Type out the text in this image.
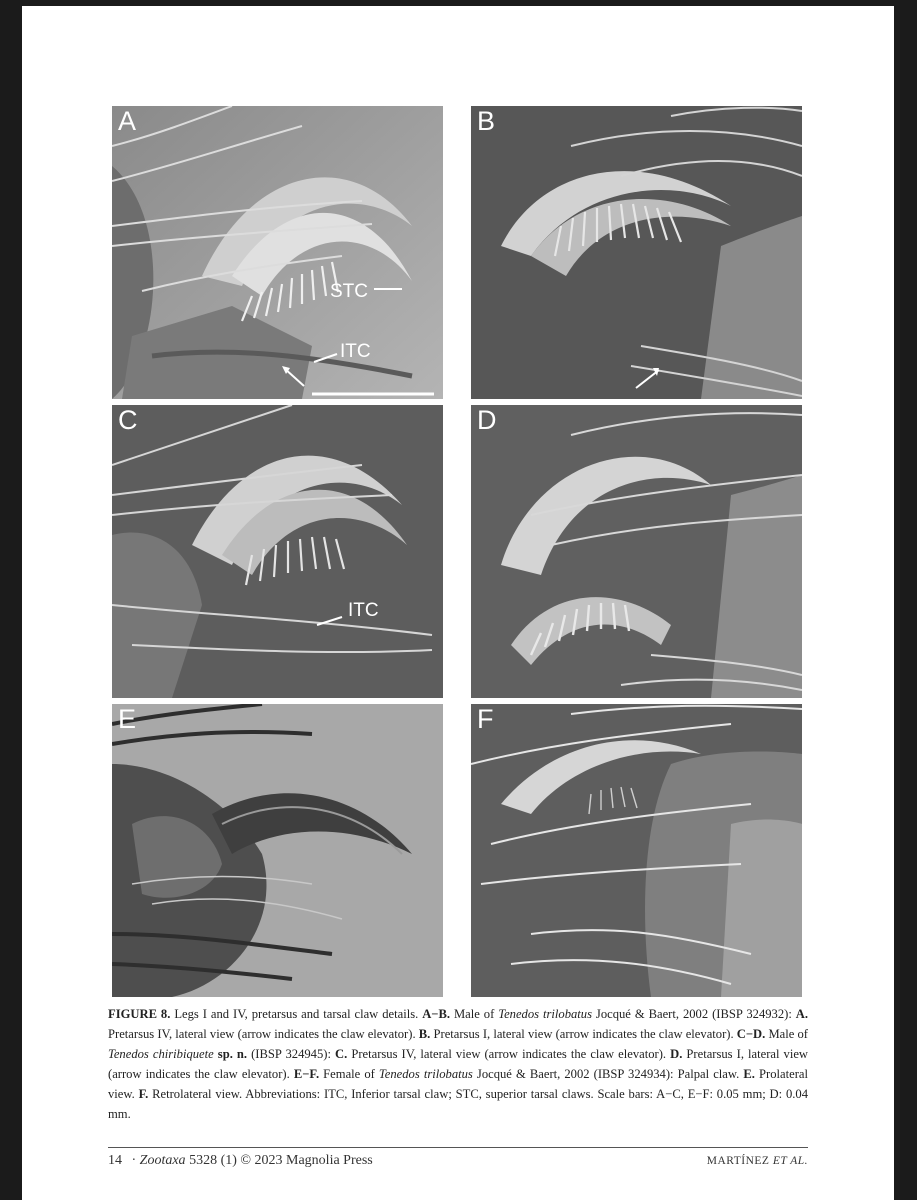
A
STC
ITC
B
C
ITC
D
E	F
FIGURE 8. Legs I and IV, pretarsus and tarsal claw details. A−B. Male of Tenedos trilobatus Jocqué & Baert, 2002 (IBSP 324932): A. Pretarsus IV, lateral view (arrow indicates the claw elevator). B. Pretarsus I, lateral view (arrow indicates the claw elevator). C−D. Male of Tenedos chiribiquete sp. n. (IBSP 324945): C. Pretarsus IV, lateral view (arrow indicates the claw elevator). D. Pretarsus I, lateral view (arrow indicates the claw elevator). E−F. Female of Tenedos trilobatus Jocqué & Baert, 2002 (IBSP 324934): Palpal claw. E. Prolateral view. F. Retrolateral view. Abbreviations: ITC, Inferior tarsal claw; STC, superior tarsal claws. Scale bars: A−C, E−F: 0.05 mm; D: 0.04 mm.
14 · Zootaxa 5328 (1) © 2023 Magnolia Press	MARTÍNEZ ET AL.
